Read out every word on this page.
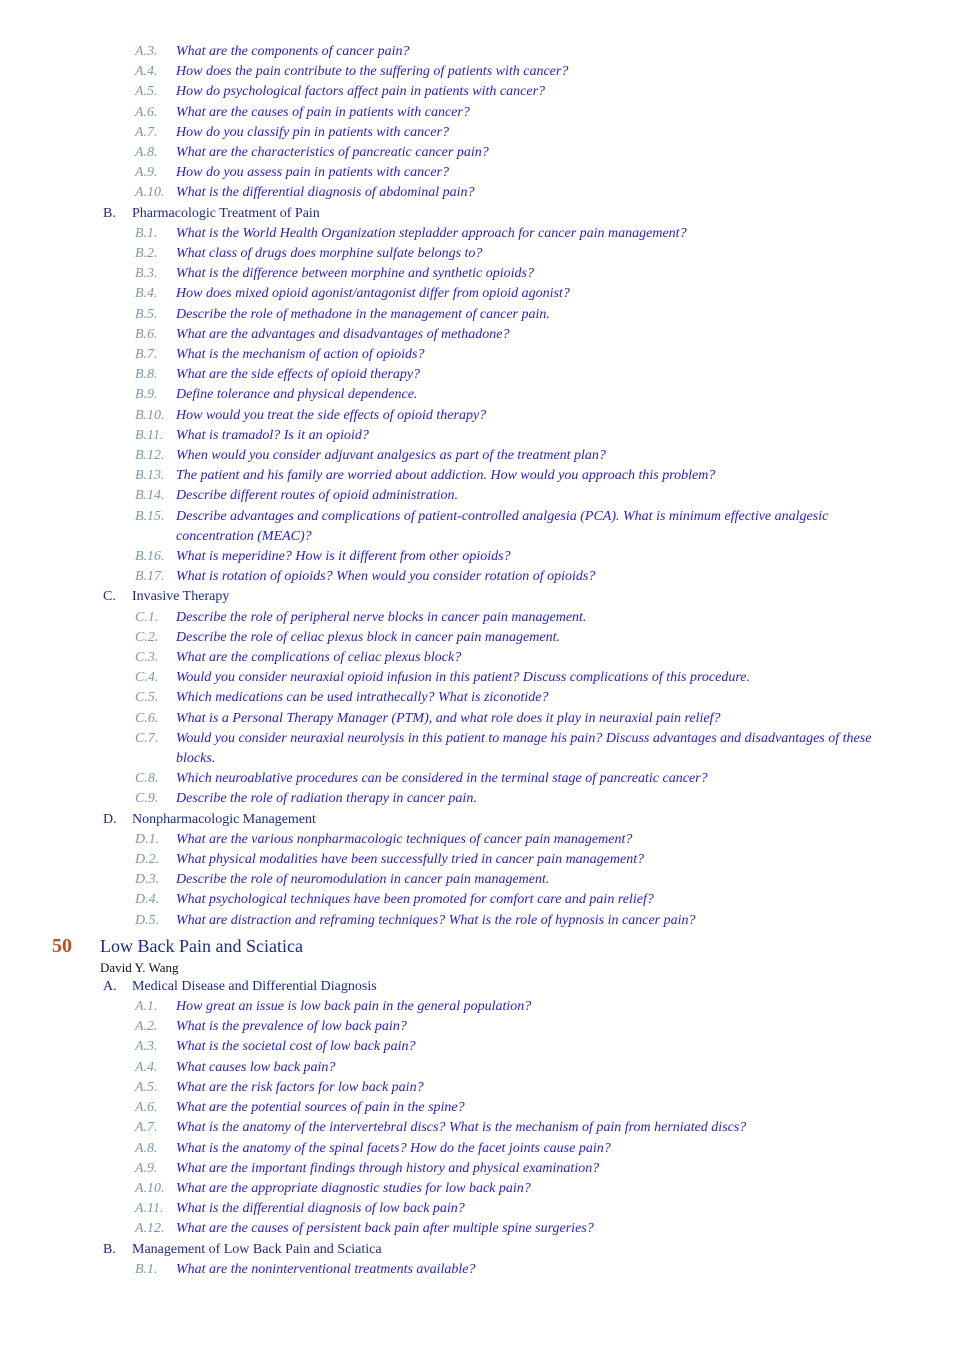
A.3. What are the components of cancer pain?
A.4. How does the pain contribute to the suffering of patients with cancer?
A.5. How do psychological factors affect pain in patients with cancer?
A.6. What are the causes of pain in patients with cancer?
A.7. How do you classify pin in patients with cancer?
A.8. What are the characteristics of pancreatic cancer pain?
A.9. How do you assess pain in patients with cancer?
A.10. What is the differential diagnosis of abdominal pain?
B. Pharmacologic Treatment of Pain
B.1. What is the World Health Organization stepladder approach for cancer pain management?
B.2. What class of drugs does morphine sulfate belongs to?
B.3. What is the difference between morphine and synthetic opioids?
B.4. How does mixed opioid agonist/antagonist differ from opioid agonist?
B.5. Describe the role of methadone in the management of cancer pain.
B.6. What are the advantages and disadvantages of methadone?
B.7. What is the mechanism of action of opioids?
B.8. What are the side effects of opioid therapy?
B.9. Define tolerance and physical dependence.
B.10. How would you treat the side effects of opioid therapy?
B.11. What is tramadol? Is it an opioid?
B.12. When would you consider adjuvant analgesics as part of the treatment plan?
B.13. The patient and his family are worried about addiction. How would you approach this problem?
B.14. Describe different routes of opioid administration.
B.15. Describe advantages and complications of patient-controlled analgesia (PCA). What is minimum effective analgesic concentration (MEAC)?
B.16. What is meperidine? How is it different from other opioids?
B.17. What is rotation of opioids? When would you consider rotation of opioids?
C. Invasive Therapy
C.1. Describe the role of peripheral nerve blocks in cancer pain management.
C.2. Describe the role of celiac plexus block in cancer pain management.
C.3. What are the complications of celiac plexus block?
C.4. Would you consider neuraxial opioid infusion in this patient? Discuss complications of this procedure.
C.5. Which medications can be used intrathecally? What is ziconotide?
C.6. What is a Personal Therapy Manager (PTM), and what role does it play in neuraxial pain relief?
C.7. Would you consider neuraxial neurolysis in this patient to manage his pain? Discuss advantages and disadvantages of these blocks.
C.8. Which neuroablative procedures can be considered in the terminal stage of pancreatic cancer?
C.9. Describe the role of radiation therapy in cancer pain.
D. Nonpharmacologic Management
D.1. What are the various nonpharmacologic techniques of cancer pain management?
D.2. What physical modalities have been successfully tried in cancer pain management?
D.3. Describe the role of neuromodulation in cancer pain management.
D.4. What psychological techniques have been promoted for comfort care and pain relief?
D.5. What are distraction and reframing techniques? What is the role of hypnosis in cancer pain?
50 Low Back Pain and Sciatica
David Y. Wang
A. Medical Disease and Differential Diagnosis
A.1. How great an issue is low back pain in the general population?
A.2. What is the prevalence of low back pain?
A.3. What is the societal cost of low back pain?
A.4. What causes low back pain?
A.5. What are the risk factors for low back pain?
A.6. What are the potential sources of pain in the spine?
A.7. What is the anatomy of the intervertebral discs? What is the mechanism of pain from herniated discs?
A.8. What is the anatomy of the spinal facets? How do the facet joints cause pain?
A.9. What are the important findings through history and physical examination?
A.10. What are the appropriate diagnostic studies for low back pain?
A.11. What is the differential diagnosis of low back pain?
A.12. What are the causes of persistent back pain after multiple spine surgeries?
B. Management of Low Back Pain and Sciatica
B.1. What are the noninterventional treatments available?
